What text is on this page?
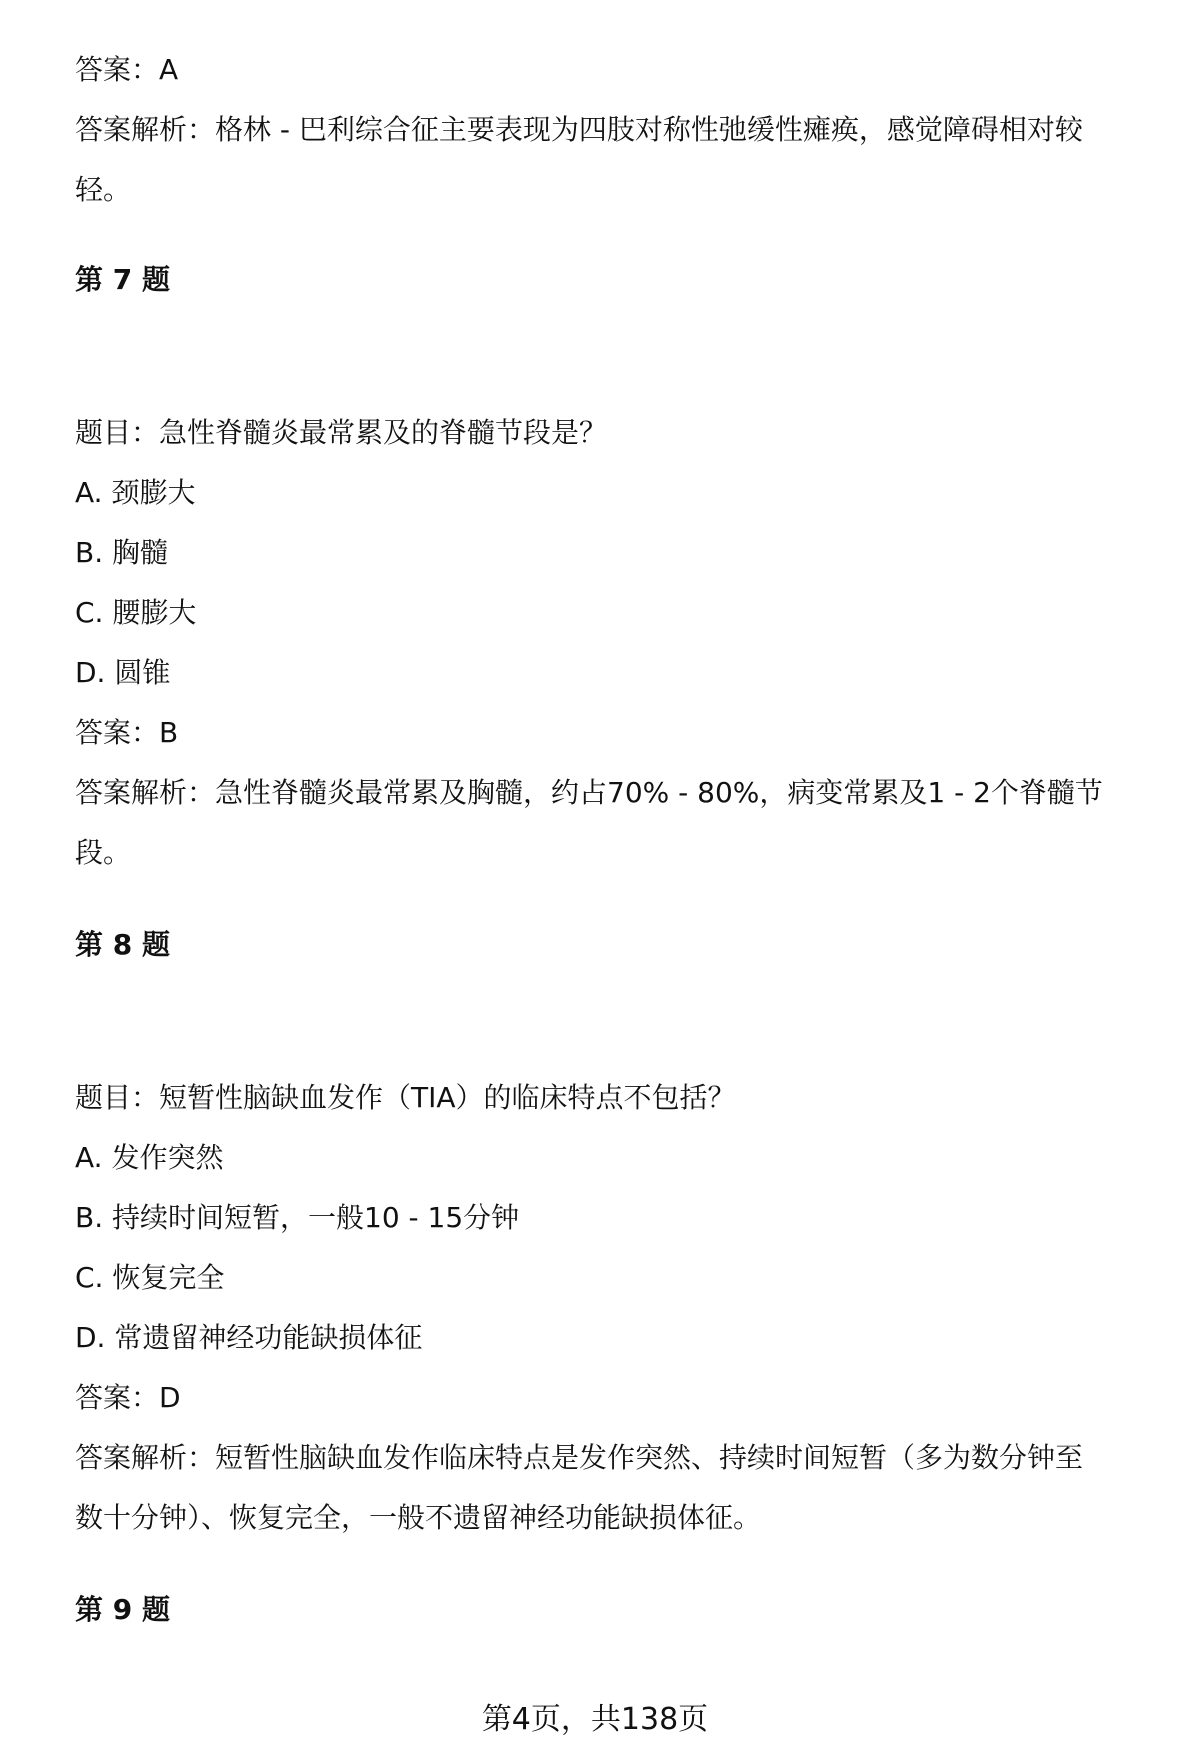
答案：A
答案解析：格林 - 巴利综合征主要表现为四肢对称性弛缓性瘫痪，感觉障碍相对较
轻。
第 7 题
题目：急性脊髓炎最常累及的脊髓节段是？
A. 颈膨大
B. 胸髓
C. 腰膨大
D. 圆锥
答案：B
答案解析：急性脊髓炎最常累及胸髓，约占70% - 80%，病变常累及1 - 2个脊髓节
段。
第 8 题
题目：短暂性脑缺血发作（TIA）的临床特点不包括？
A. 发作突然
B. 持续时间短暂，一般10 - 15分钟
C. 恢复完全
D. 常遗留神经功能缺损体征
答案：D
答案解析：短暂性脑缺血发作临床特点是发作突然、持续时间短暂（多为数分钟至
数十分钟）、恢复完全，一般不遗留神经功能缺损体征。
第 9 题
第4页，共138页
